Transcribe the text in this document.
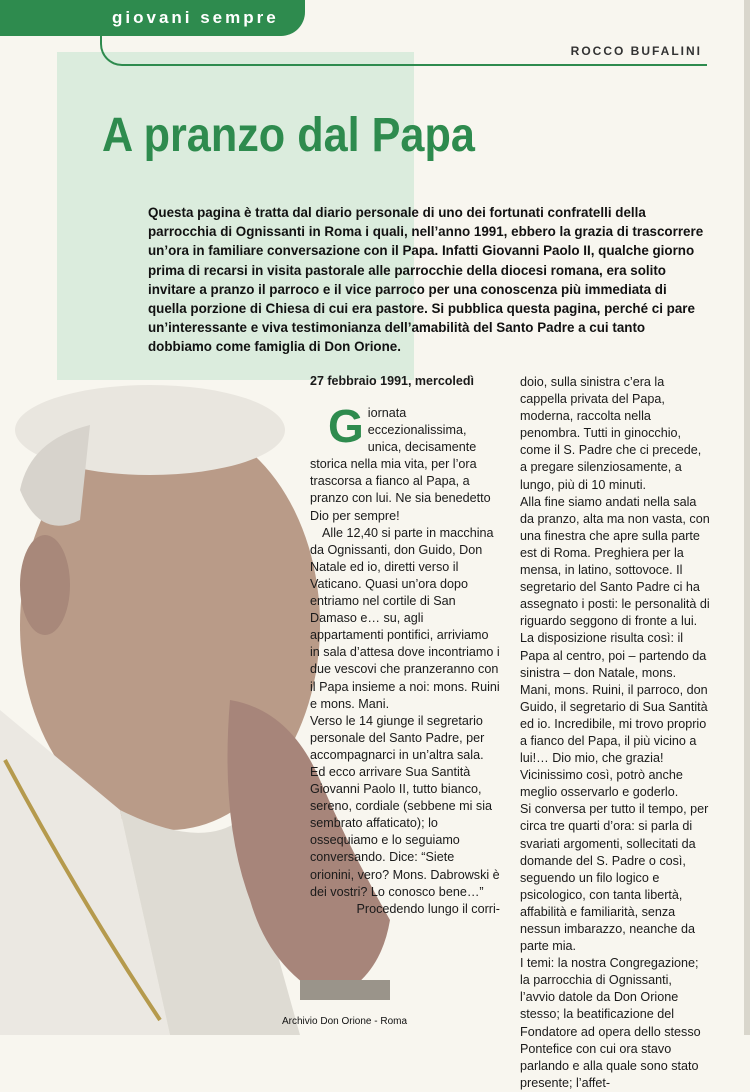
giovani sempre
ROCCO BUFALINI
A pranzo dal Papa

Questa pagina è tratta dal diario personale di uno dei fortunati confratelli della parrocchia di Ognissanti in Roma i quali, nell’anno 1991, ebbero la grazia di trascorrere un’ora in familiare conversazione con il Papa. Infatti Giovanni Paolo II, qualche giorno prima di recarsi in visita pastorale alle parrocchie della diocesi romana, era solito invitare a pranzo il parroco e il vice parroco per una conoscenza più immediata di quella porzione di Chiesa di cui era pastore. Si pubblica questa pagina, perché ci pare un’interessante e viva testimonianza dell’amabilità del Santo Padre a cui tanto dobbiamo come famiglia di Don Orione.

27 febbraio 1991, mercoledì
G iornata eccezionalissima, unica, decisamente storica nella mia vita, per l’ora trascorsa a fianco al Papa, a pranzo con lui. Ne sia benedetto Dio per sempre!

Alle 12,40 si parte in macchina da Ognissanti, don Guido, Don Natale ed io, diretti verso il Vaticano. Quasi un’ora dopo entriamo nel cortile di San Damaso e… su, agli appartamenti pontifici, arriviamo in sala d’attesa dove incontriamo i due vescovi che pranzeranno con il Papa insieme a noi: mons. Ruini e mons. Mani.

Verso le 14 giunge il segretario personale del Santo Padre, per accompagnarci in un’altra sala. Ed ecco arrivare Sua Santità Giovanni Paolo II, tutto bianco, sereno, cordiale (sebbene mi sia sembrato affaticato); lo ossequiamo e lo seguiamo conversando. Dice: “Siete orionini, vero? Mons. Dabrowski è dei vostri? Lo conosco bene…”

Procedendo lungo il corri-

doio, sulla sinistra c’era la cappella privata del Papa, moderna, raccolta nella penombra. Tutti in ginocchio, come il S. Padre che ci precede, a pregare silenziosamente, a lungo, più di 10 minuti.

Alla fine siamo andati nella sala da pranzo, alta ma non vasta, con una finestra che apre sulla parte est di Roma. Preghiera per la mensa, in latino, sottovoce. Il segretario del Santo Padre ci ha assegnato i posti: le personalità di riguardo seggono di fronte a lui. La disposizione risulta così: il Papa al centro, poi – partendo da sinistra – don Natale, mons. Mani, mons. Ruini, il parroco, don Guido, il segretario di Sua Santità ed io. Incredibile, mi trovo proprio a fianco del Papa, il più vicino a lui!… Dio mio, che grazia! Vicinissimo così, potrò anche meglio osservarlo e goderlo.

Si conversa per tutto il tempo, per circa tre quarti d’ora: si parla di svariati argomenti, sollecitati da domande del S. Padre o così, seguendo un filo logico e psicologico, con tanta libertà, affabilità e familiarità, senza nessun imbarazzo, neanche da parte mia.

I temi: la nostra Congregazione; la parrocchia di Ognissanti, l’avvio datole da Don Orione stesso; la beatificazione del Fondatore ad opera dello stesso Pontefice con cui ora stavo parlando e alla quale sono stato presente; l’affet-

Archivio Don Orione - Roma
